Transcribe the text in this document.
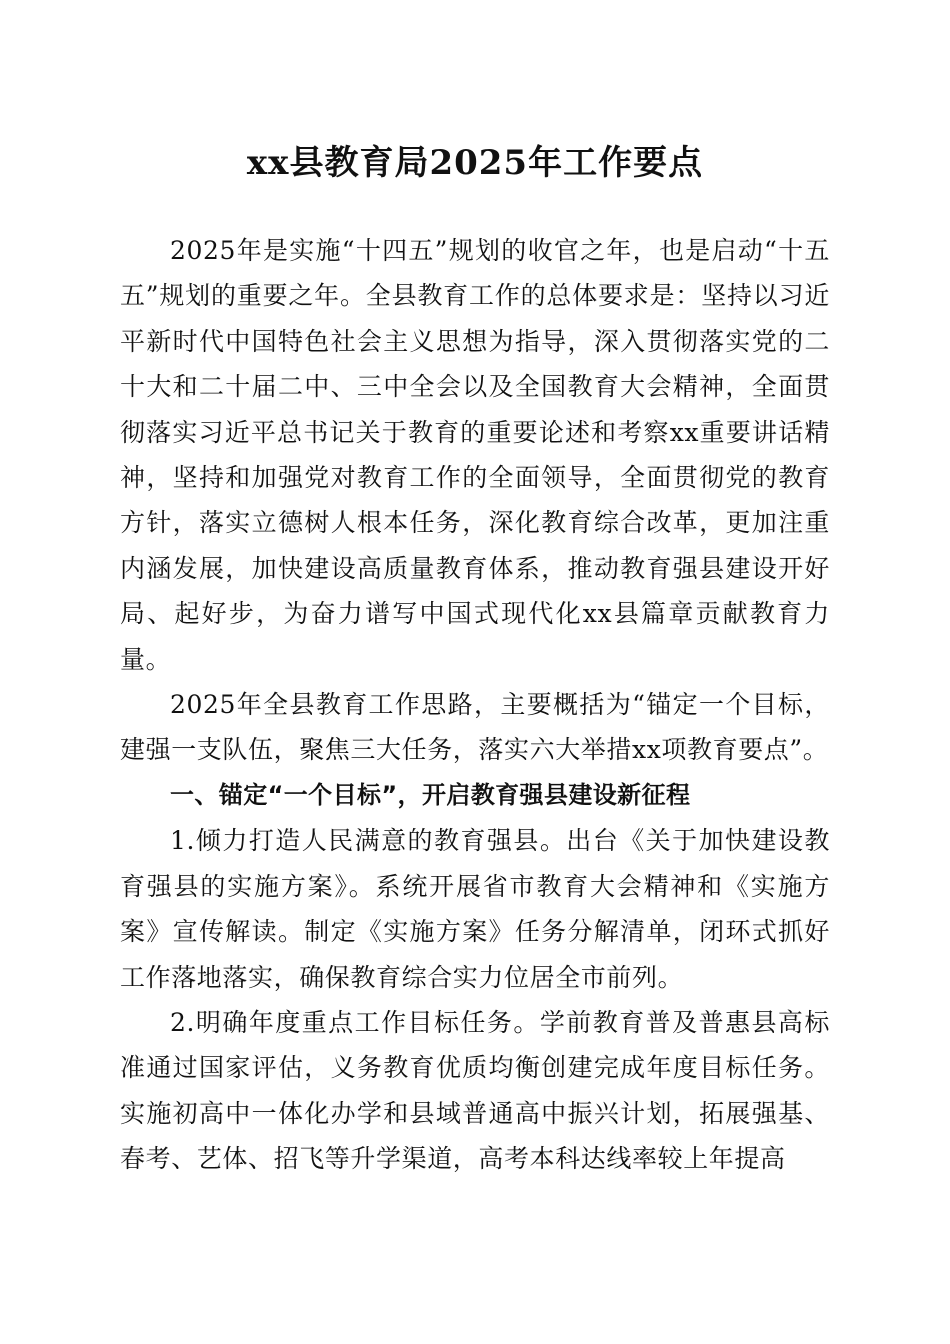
xx县教育局2025年工作要点

2025年是实施“十四五”规划的收官之年，也是启动“十五五”规划的重要之年。全县教育工作的总体要求是：坚持以习近平新时代中国特色社会主义思想为指导，深入贯彻落实党的二十大和二十届二中、三中全会以及全国教育大会精神，全面贯彻落实习近平总书记关于教育的重要论述和考察xx重要讲话精神，坚持和加强党对教育工作的全面领导，全面贯彻党的教育方针，落实立德树人根本任务，深化教育综合改革，更加注重内涵发展，加快建设高质量教育体系，推动教育强县建设开好局、起好步，为奋力谱写中国式现代化xx县篇章贡献教育力量。

2025年全县教育工作思路，主要概括为“锚定一个目标，建强一支队伍，聚焦三大任务，落实六大举措xx项教育要点”。

一、锚定“一个目标”，开启教育强县建设新征程

1.倾力打造人民满意的教育强县。出台《关于加快建设教育强县的实施方案》。系统开展省市教育大会精神和《实施方案》宣传解读。制定《实施方案》任务分解清单，闭环式抓好工作落地落实，确保教育综合实力位居全市前列。

2.明确年度重点工作目标任务。学前教育普及普惠县高标准通过国家评估，义务教育优质均衡创建完成年度目标任务。实施初高中一体化办学和县域普通高中振兴计划，拓展强基、春考、艺体、招飞等升学渠道，高考本科达线率较上年提高
